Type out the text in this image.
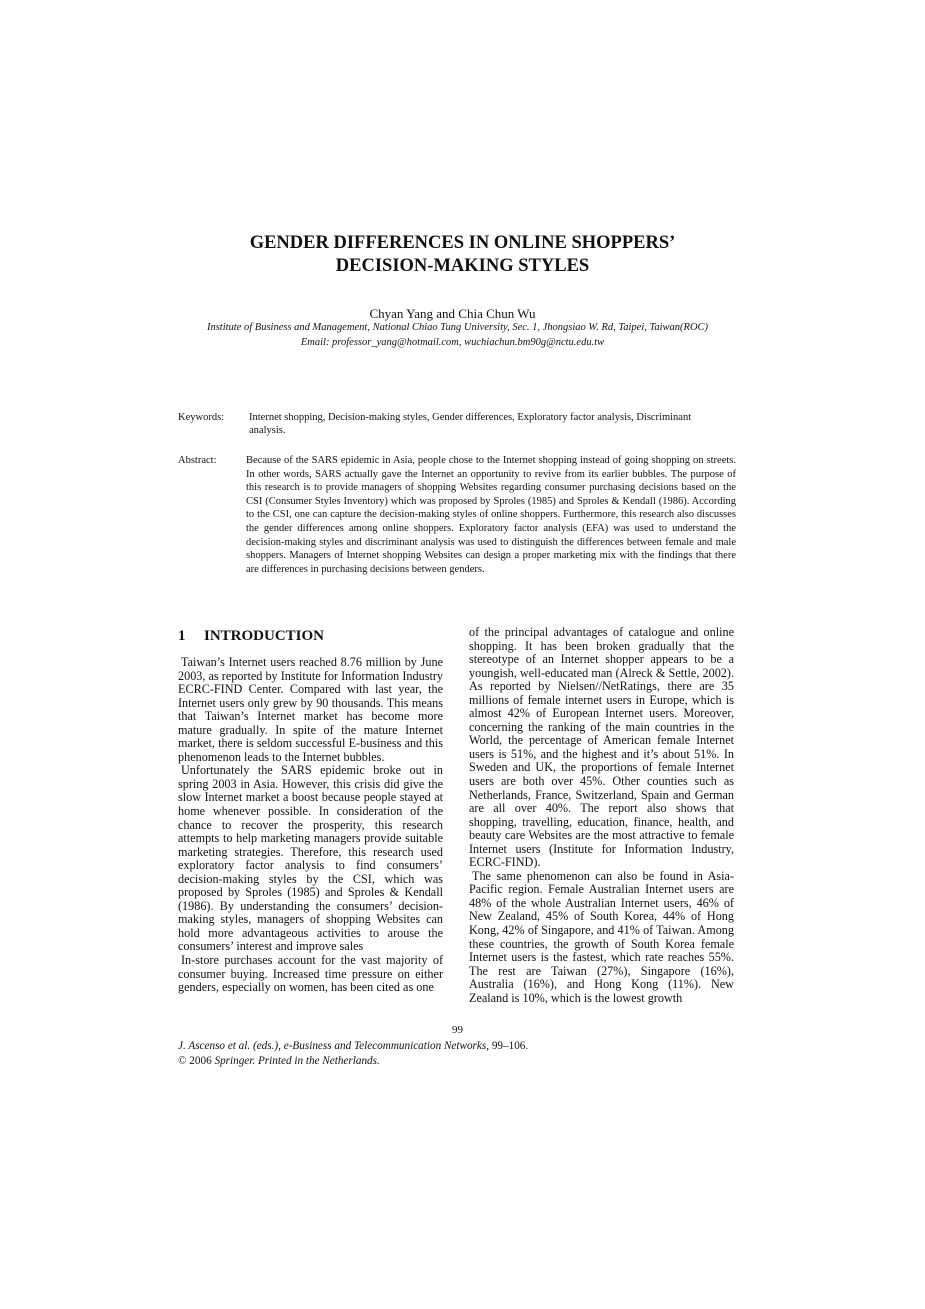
GENDER DIFFERENCES IN ONLINE SHOPPERS’
DECISION-MAKING STYLES
Chyan Yang and Chia Chun Wu
Institute of Business and Management, National Chiao Tung University, Sec. 1, Jhongsiao W. Rd, Taipei, Taiwan(ROC)
Email: professor_yang@hotmail.com, wuchiachun.bm90g@nctu.edu.tw
Keywords: Internet shopping, Decision-making styles, Gender differences, Exploratory factor analysis, Discriminant analysis.
Abstract:	Because of the SARS epidemic in Asia, people chose to the Internet shopping instead of going shopping on streets. In other words, SARS actually gave the Internet an opportunity to revive from its earlier bubbles. The purpose of this research is to provide managers of shopping Websites regarding consumer purchasing decisions based on the CSI (Consumer Styles Inventory) which was proposed by Sproles (1985) and Sproles & Kendall (1986). According to the CSI, one can capture the decision-making styles of online shoppers. Furthermore, this research also discusses the gender differences among online shoppers. Exploratory factor analysis (EFA) was used to understand the decision-making styles and discriminant analysis was used to distinguish the differences between female and male shoppers. Managers of Internet shopping Websites can design a proper marketing mix with the findings that there are differences in purchasing decisions between genders.
1 INTRODUCTION

Taiwan’s Internet users reached 8.76 million by June 2003, as reported by Institute for Information Industry ECRC-FIND Center. Compared with last year, the Internet users only grew by 90 thousands. This means that Taiwan’s Internet market has become more mature gradually. In spite of the mature Internet market, there is seldom successful E-business and this phenomenon leads to the Internet bubbles.

Unfortunately the SARS epidemic broke out in spring 2003 in Asia. However, this crisis did give the slow Internet market a boost because people stayed at home whenever possible. In consideration of the chance to recover the prosperity, this research attempts to help marketing managers provide suitable marketing strategies. Therefore, this research used exploratory factor analysis to find consumers’ decision-making styles by the CSI, which was proposed by Sproles (1985) and Sproles & Kendall (1986). By understanding the consumers’ decision-making styles, managers of shopping Websites can hold more advantageous activities to arouse the consumers’ interest and improve sales

In-store purchases account for the vast majority of consumer buying. Increased time pressure on either genders, especially on women, has been cited as one

of the principal advantages of catalogue and online shopping. It has been broken gradually that the stereotype of an Internet shopper appears to be a youngish, well-educated man (Alreck & Settle, 2002). As reported by Nielsen//NetRatings, there are 35 millions of female internet users in Europe, which is almost 42% of European Internet users. Moreover, concerning the ranking of the main countries in the World, the percentage of American female Internet users is 51%, and the highest and it’s about 51%. In Sweden and UK, the proportions of female Internet users are both over 45%. Other counties such as Netherlands, France, Switzerland, Spain and German are all over 40%. The report also shows that shopping, travelling, education, finance, health, and beauty care Websites are the most attractive to female Internet users (Institute for Information Industry, ECRC-FIND).

The same phenomenon can also be found in Asia-Pacific region. Female Australian Internet users are 48% of the whole Australian Internet users, 46% of New Zealand, 45% of South Korea, 44% of Hong Kong, 42% of Singapore, and 41% of Taiwan. Among these countries, the growth of South Korea female Internet users is the fastest, which rate reaches 55%. The rest are Taiwan (27%), Singapore (16%), Australia (16%), and Hong Kong (11%). New Zealand is 10%, which is the lowest growth

99
J. Ascenso et al. (eds.), e-Business and Telecommunication Networks, 99–106.
© 2006 Springer. Printed in the Netherlands.
